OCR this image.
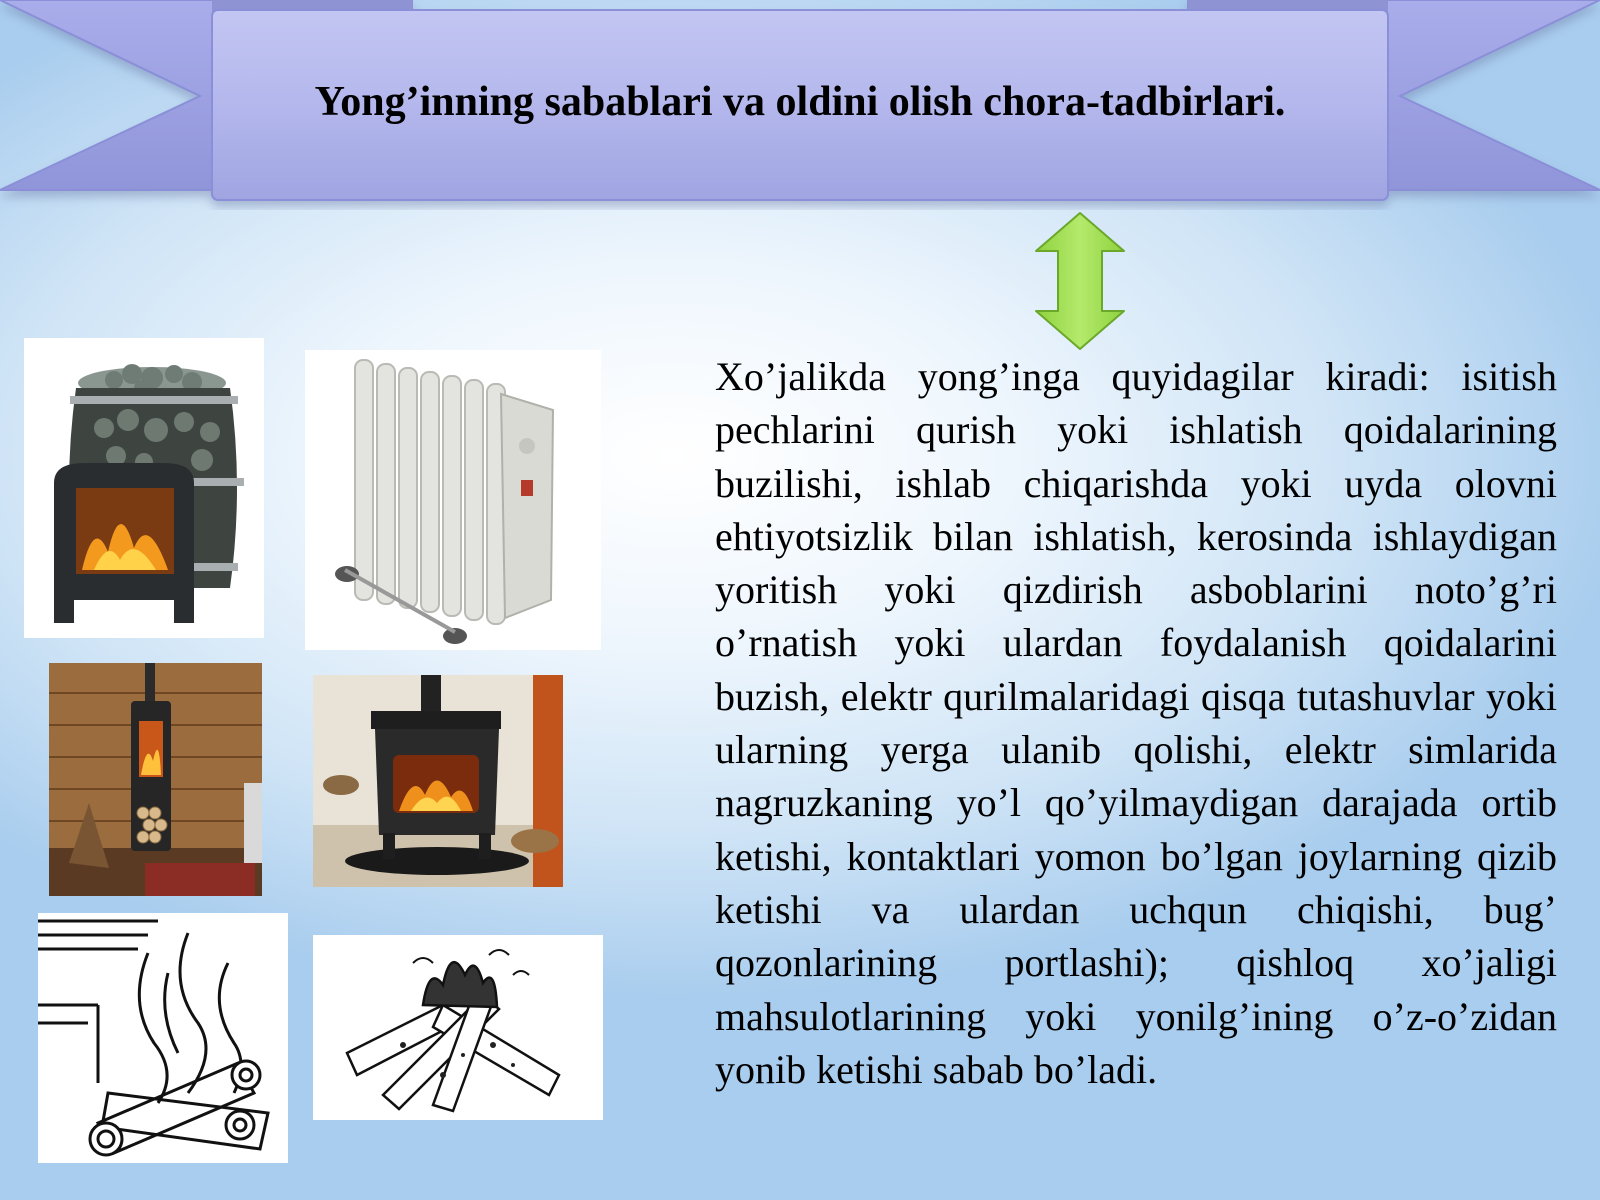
Yong’inning sabablari va oldini olish chora-tadbirlari.

Xo’jalikda yong’inga quyidagilar kiradi: isitish pechlarini qurish yoki ishlatish qoidalarining buzilishi, ishlab chiqarishda yoki uyda olovni ehtiyotsizlik bilan ishlatish, kerosinda ishlaydigan yoritish yoki qizdirish asboblarini noto’g’ri o’rnatish yoki ulardan foydalanish qoidalarini buzish, elektr qurilmalaridagi qisqa tutashuvlar yoki ularning yerga ulanib qolishi, elektr simlarida nagruzkaning yo’l qo’yilmaydigan darajada ortib ketishi, kontaktlari yomon bo’lgan joylarning qizib ketishi va ulardan uchqun chiqishi, bug’ qozonlarining portlashi); qishloq xo’jaligi mahsulotlarining yoki yonilg’ining o’z-o’zidan yonib ketishi sabab bo’ladi.
